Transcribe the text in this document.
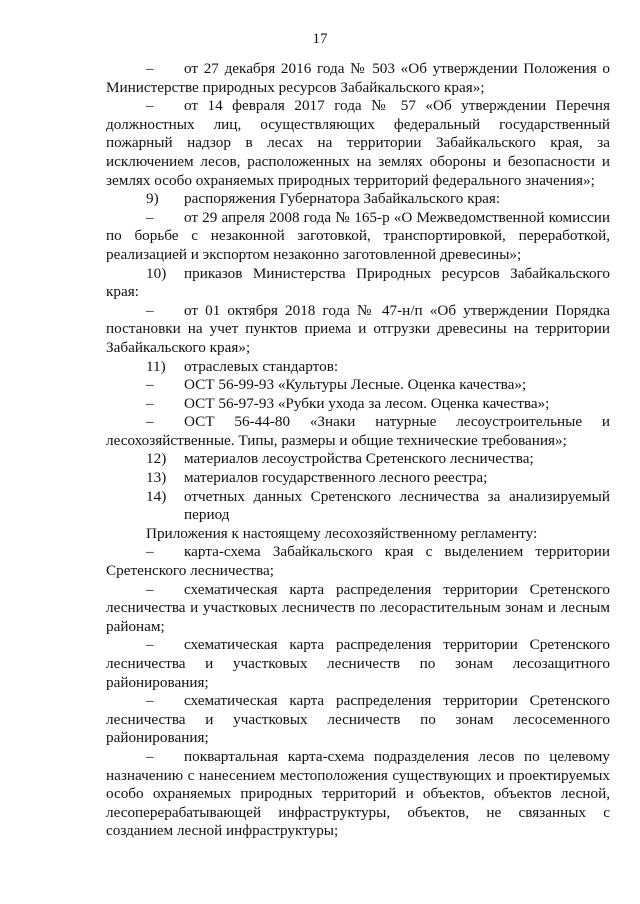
17

– от 27 декабря 2016 года № 503 «Об утверждении Положения о Министерстве природных ресурсов Забайкальского края»;

– от 14 февраля 2017 года № 57 «Об утверждении Перечня должностных лиц, осуществляющих федеральный государственный пожарный надзор в лесах на территории Забайкальского края, за исключением лесов, расположенных на землях обороны и безопасности и землях особо охраняемых природных территорий федерального значения»;

9) распоряжения Губернатора Забайкальского края:

– от 29 апреля 2008 года № 165-р «О Межведомственной комиссии по борьбе с незаконной заготовкой, транспортировкой, переработкой, реализацией и экспортом незаконно заготовленной древесины»;

10) приказов Министерства Природных ресурсов Забайкальского края:

– от 01 октября 2018 года № 47-н/п «Об утверждении Порядка постановки на учет пунктов приема и отгрузки древесины на территории Забайкальского края»;

11) отраслевых стандартов:

– ОСТ 56-99-93 «Культуры Лесные. Оценка качества»;

– ОСТ 56-97-93 «Рубки ухода за лесом. Оценка качества»;

– ОСТ 56-44-80 «Знаки натурные лесоустроительные и лесохозяйственные. Типы, размеры и общие технические требования»;

12) материалов лесоустройства Сретенского лесничества;

13) материалов государственного лесного реестра;

14)	отчетных данных Сретенского лесничества за анализируемый период

Приложения к настоящему лесохозяйственному регламенту:

– карта-схема Забайкальского края с выделением территории Сретенского лесничества;

– схематическая карта распределения территории Сретенского лесничества и участковых лесничеств по лесорастительным зонам и лесным районам;

– схематическая карта распределения территории Сретенского лесничества и участковых лесничеств по зонам лесозащитного районирования;

– схематическая карта распределения территории Сретенского лесничества и участковых лесничеств по зонам лесосеменного районирования;

– поквартальная карта-схема подразделения лесов по целевому назначению с нанесением местоположения существующих и проектируемых особо охраняемых природных территорий и объектов, объектов лесной, лесоперерабатывающей инфраструктуры, объектов, не связанных с созданием лесной инфраструктуры;
